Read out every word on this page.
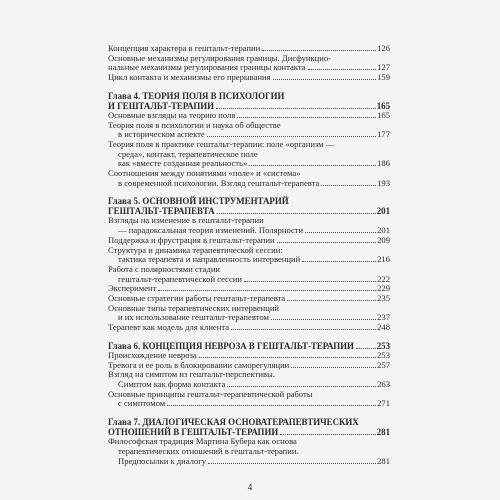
Концепция характера в гештальт-терапии	126
Основные механизмы регулирования границы. Дисфункцио-
нальные механизмы регулирования границы контакта	127
Цикл контакта и механизмы его прерывания	159
Глава 4. ТЕОРИЯ ПОЛЯ В ПСИХОЛОГИИ
И ГЕШТАЛЬТ-ТЕРАПИИ	165
Основные взгляды на теорию поля	165
Теория поля в психологии и наука об обществе
в историческом аспекте	177
Теория поля в практике гештальт-терапии: поле «организм —
среда», контакт, терапевтическое поле
как «вместе созданная реальность»	186
Соотношения между понятиями «поле» и «система»
в современной психологии. Взгляд гештальт-терапевта	193
Глава 5. ОСНОВНОЙ ИНСТРУМЕНТАРИЙ
ГЕШТАЛЬТ-ТЕРАПЕВТА	201
Взгляды на изменение в гештальт-терапии
— парадоксальная теория изменений. Полярности	201
Поддержка и фрустрация в гештальт-терапии	209
Структура и динамика терапевтической сессии:
тактика терапевта и направленность интервенций	216
Работа с полярностями стадии
гештальт-терапевтической сессии	222
Эксперимент	229
Основные стратегии работы гештальт-терапевта	235
Основные типы терапевтических интервенций
и их использование гештальт-терапевтом	237
Терапевт как модель для клиента	248
Глава 6. КОНЦЕПЦИЯ НЕВРОЗА В ГЕШТАЛЬТ-ТЕРАПИИ	253
Происхождение невроза	253
Тревога и ее роль в блокировании саморегуляции	257
Взгляд на симптом из гештальт-перспективы.
Симптом как форма контакта	263
Основные принципы гештальт-терапевтической работы
с симптомом	271
Глава 7. ДИАЛОГИЧЕСКАЯ ОСНОВАТЕРАПЕВТИЧЕСКИХ
ОТНОШЕНИЙ В ГЕШТАЛЬТ-ТЕРАПИИ	281
Философская традиция Мартина Бубера как основа
терапевтических отношений в гештальт-терапии.
Предпосылки к диалогу	281
4
